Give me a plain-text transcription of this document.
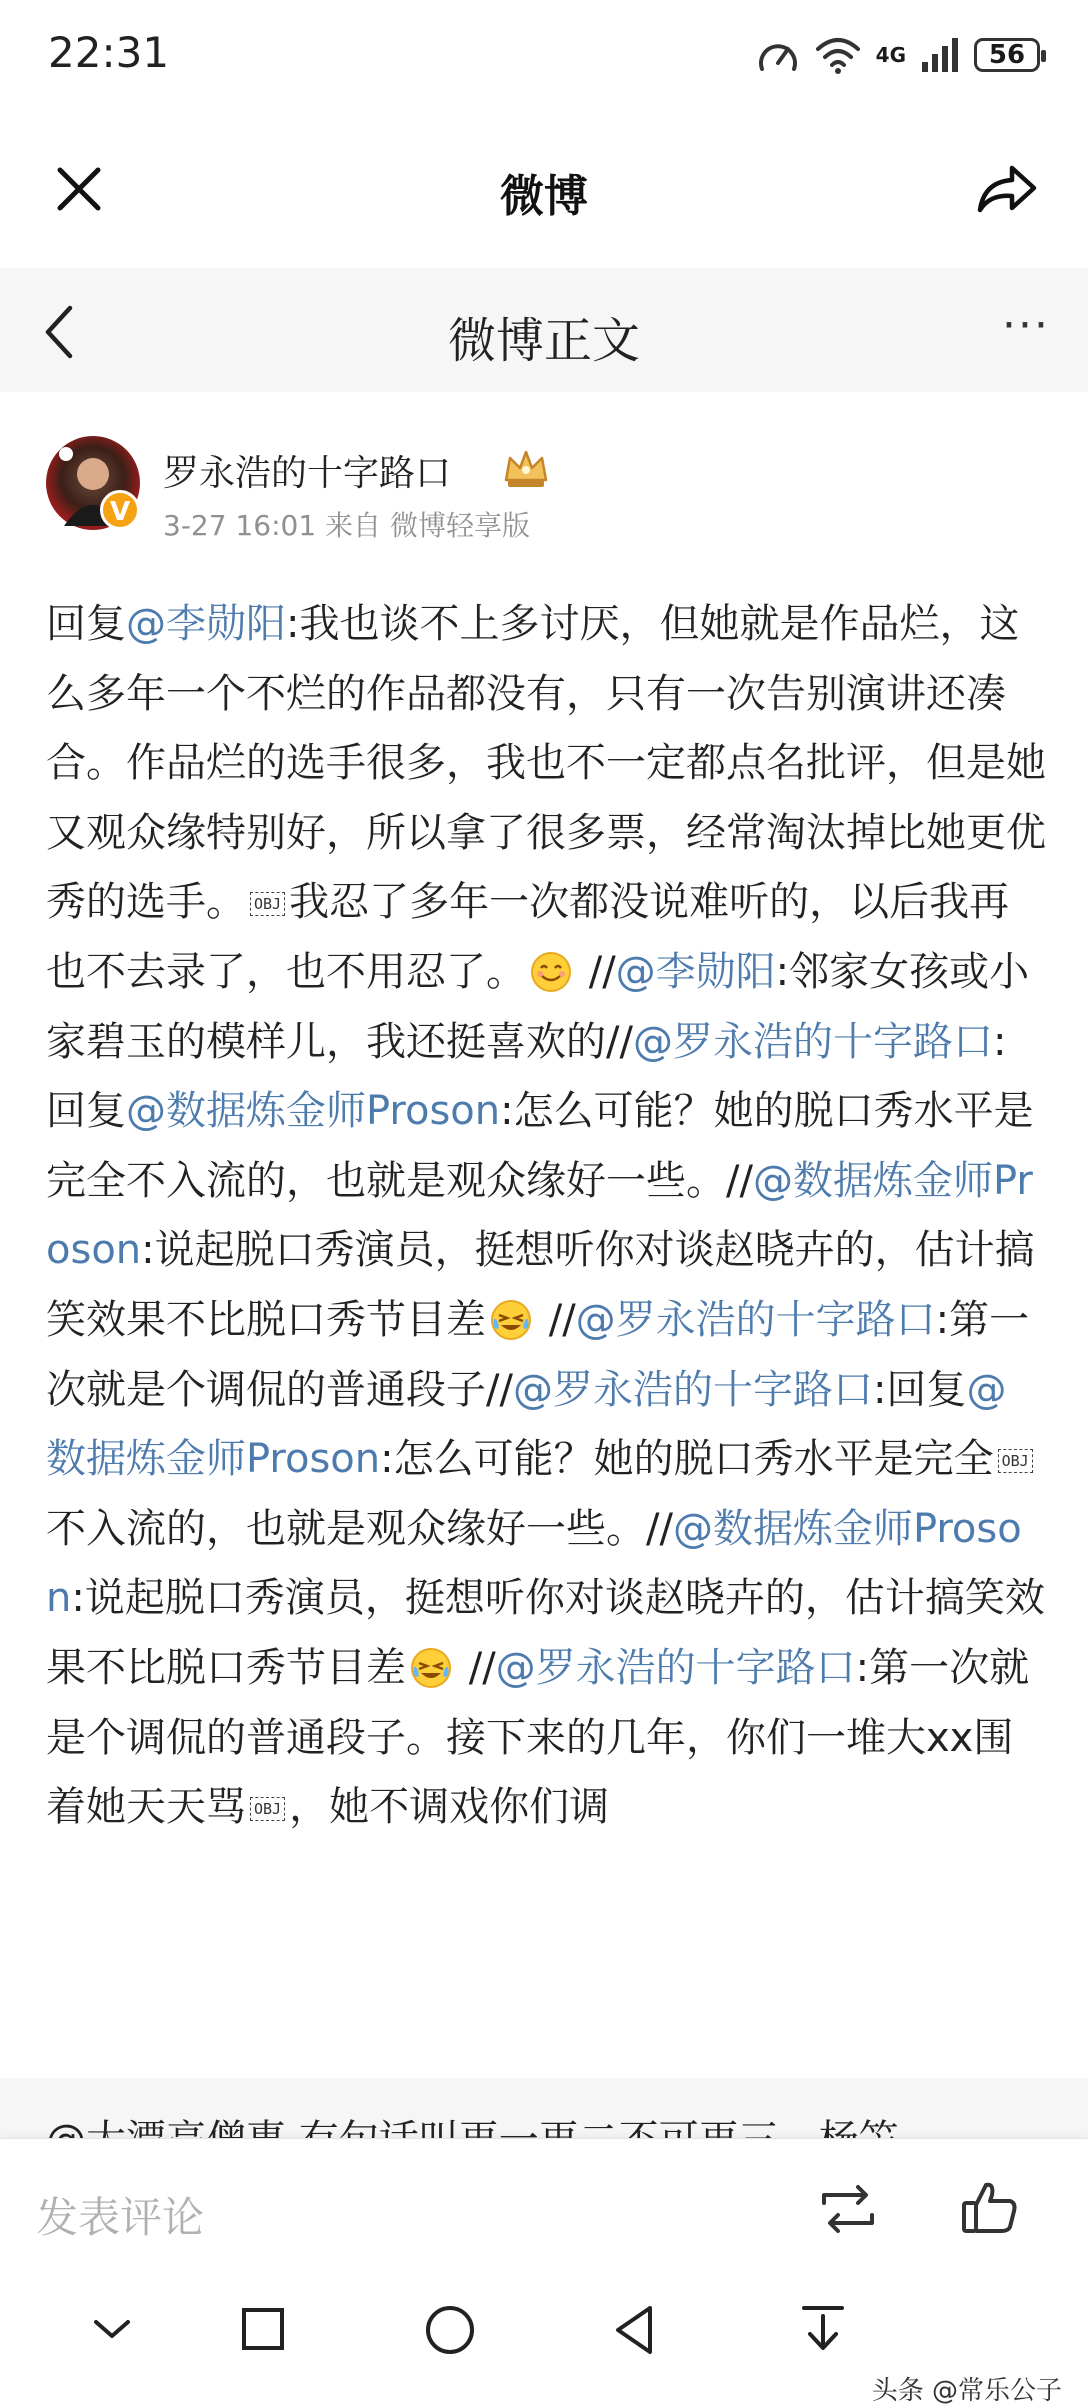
22:31	4G	56
微博
微博正文	···
V
罗永浩的十字路口
3-27 16:01 来自 微博轻享版
回复@李勋阳:我也谈不上多讨厌，但她就是作品烂，这么多年一个不烂的作品都没有，只有一次告别演讲还凑合。作品烂的选手很多，我也不一定都点名批评，但是她又观众缘特别好，所以拿了很多票，经常淘汰掉比她更优秀的选手。 OBJ 我忍了多年一次都没说难听的，以后我再也不去录了，也不用忍了。 //@李勋阳:邻家女孩或小家碧玉的模样儿，我还挺喜欢的//@罗永浩的十字路口:回复@数据炼金师Proson:怎么可能？她的脱口秀水平是完全不入流的，也就是观众缘好一些。//@数据炼金师Proson:说起脱口秀演员，挺想听你对谈赵晓卉的，估计搞笑效果不比脱口秀节目差 //@罗永浩的十字路口:第一次就是个调侃的普通段子//@罗永浩的十字路口:回复@数据炼金师Proson:怎么可能？她的脱口秀水平是完全 OBJ不入流的，也就是观众缘好一些。//@数据炼金师Proson:说起脱口秀演员，挺想听你对谈赵晓卉的，估计搞笑效果不比脱口秀节目差 //@罗永浩的十字路口:第一次就是个调侃的普通段子。接下来的几年，你们一堆大xx围着她天天骂 OBJ ，她不调戏你们调
发表评论
头条 @常乐公子
